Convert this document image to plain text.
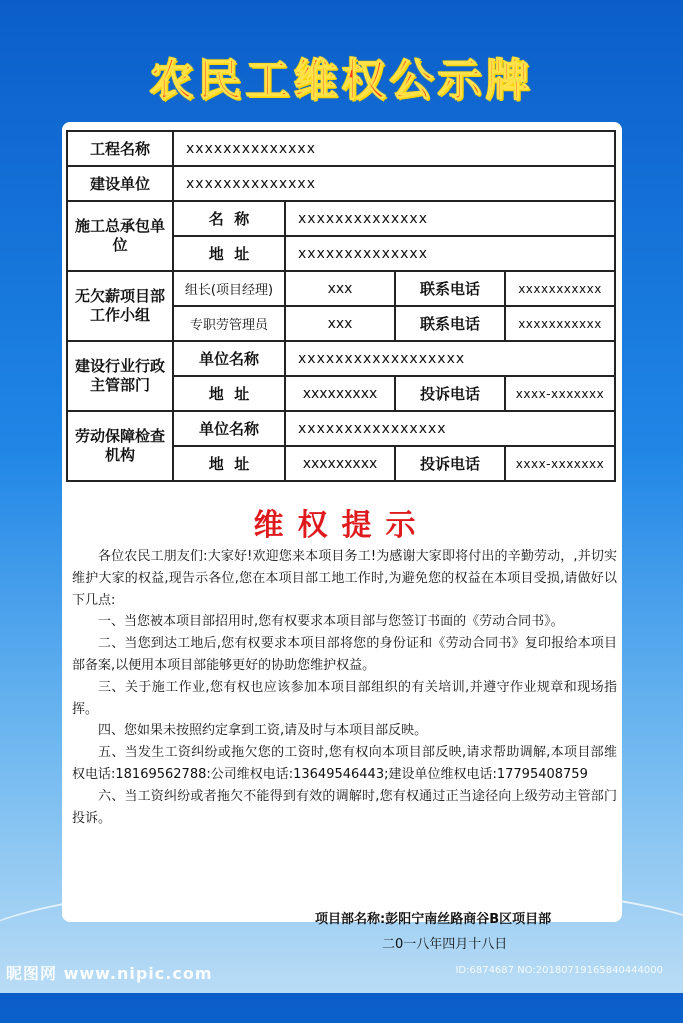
农民工维权公示牌
工程名称	xxxxxxxxxxxxxx			
建设单位	xxxxxxxxxxxxxx			
施工总承包单位	名  称	xxxxxxxxxxxxxx		
	地  址	xxxxxxxxxxxxxx		
无欠薪项目部工作小组	组长(项目经理)	xxx	联系电话	xxxxxxxxxxx
	专职劳管理员	xxx	联系电话	xxxxxxxxxxx
建设行业行政主管部门	单位名称	xxxxxxxxxxxxxxxxxx		
	地  址	xxxxxxxxx	投诉电话	xxxx-xxxxxxx
劳动保障检查机构	单位名称	xxxxxxxxxxxxxxxx		
	地  址	xxxxxxxxx	投诉电话	xxxx-xxxxxxx
维权提示

各位农民工朋友们:大家好!欢迎您来本项目务工!为感谢大家即将付出的辛勤劳动，,并切实维护大家的权益,现告示各位,您在本项目部工地工作时,为避免您的权益在本项目受损,请做好以下几点:

一、当您被本项目部招用时,您有权要求本项目部与您签订书面的《劳动合同书》。

二、当您到达工地后,您有权要求本项目部将您的身份证和《劳动合同书》复印报给本项目部备案,以便用本项目部能够更好的协助您维护权益。

三、关于施工作业,您有权也应该参加本项目部组织的有关培训,并遵守作业规章和现场指挥。

四、您如果未按照约定拿到工资,请及时与本项目部反映。

五、当发生工资纠纷或拖欠您的工资时,您有权向本项目部反映,请求帮助调解,本项目部维权电话:18169562788:公司维权电话:13649546443;建设单位维权电话:17795408759

六、当工资纠纷或者拖欠不能得到有效的调解时,您有权通过正当途径向上级劳动主管部门投诉。

项目部名称:彭阳宁南丝路商谷B区项目部
二0一八年四月十八日
昵图网 www.nipic.com	ID:6874687 NO:20180719165840444000
